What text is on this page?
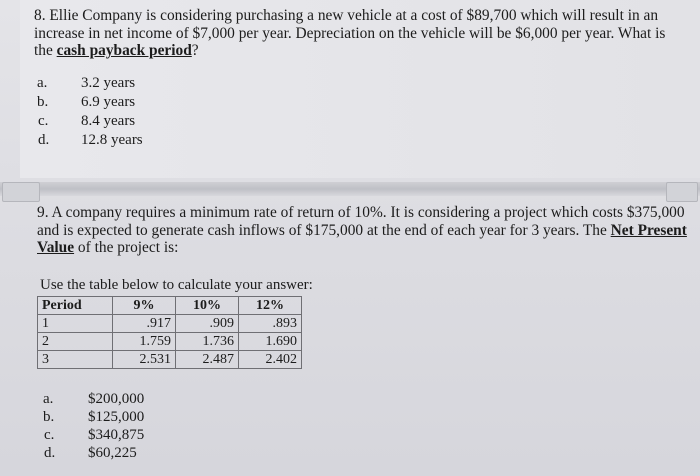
8. Ellie Company is considering purchasing a new vehicle at a cost of $89,700 which will result in an increase in net income of $7,000 per year. Depreciation on the vehicle will be $6,000 per year. What is the cash payback period?
a. 3.2 years
b. 6.9 years
c. 8.4 years
d. 12.8 years
9. A company requires a minimum rate of return of 10%. It is considering a project which costs $375,000 and is expected to generate cash inflows of $175,000 at the end of each year for 3 years. The Net Present Value of the project is:
Use the table below to calculate your answer:
Period	9%	10%	12%
1	.917	.909	.893
2	1.759	1.736	1.690
3	2.531	2.487	2.402
a. $200,000
b. $125,000
c. $340,875
d. $60,225
